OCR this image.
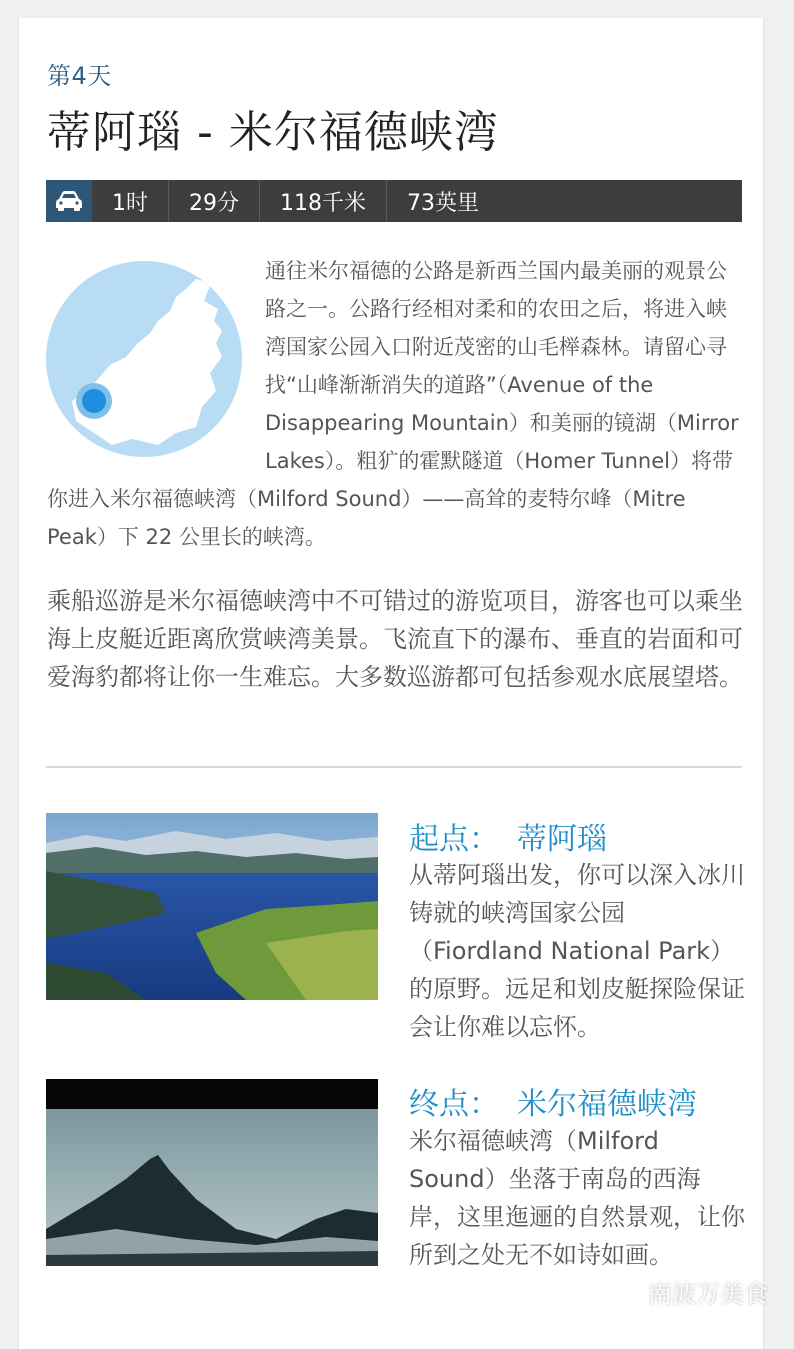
第4天
蒂阿瑙 - 米尔福德峡湾
1时	29分	118千米	73英里
通往米尔福德的公路是新西兰国内最美丽的观景公路之一。公路行经相对柔和的农田之后，将进入峡湾国家公园入口附近茂密的山毛榉森林。请留心寻找“山峰渐渐消失的道路”（Avenue of the Disappearing Mountain）和美丽的镜湖（Mirror Lakes）。粗犷的霍默隧道（Homer Tunnel）将带你进入米尔福德峡湾（Milford Sound）——高耸的麦特尔峰（Mitre Peak）下 22 公里长的峡湾。
乘船巡游是米尔福德峡湾中不可错过的游览项目，游客也可以乘坐海上皮艇近距离欣赏峡湾美景。飞流直下的瀑布、垂直的岩面和可爱海豹都将让你一生难忘。大多数巡游都可包括参观水底展望塔。
起点： 蒂阿瑙
从蒂阿瑙出发，你可以深入冰川铸就的峡湾国家公园（Fiordland National Park）的原野。远足和划皮艇探险保证会让你难以忘怀。
终点： 米尔福德峡湾
米尔福德峡湾（Milford Sound）坐落于南岛的西海岸，这里迤逦的自然景观，让你所到之处无不如诗如画。
南波万美食
